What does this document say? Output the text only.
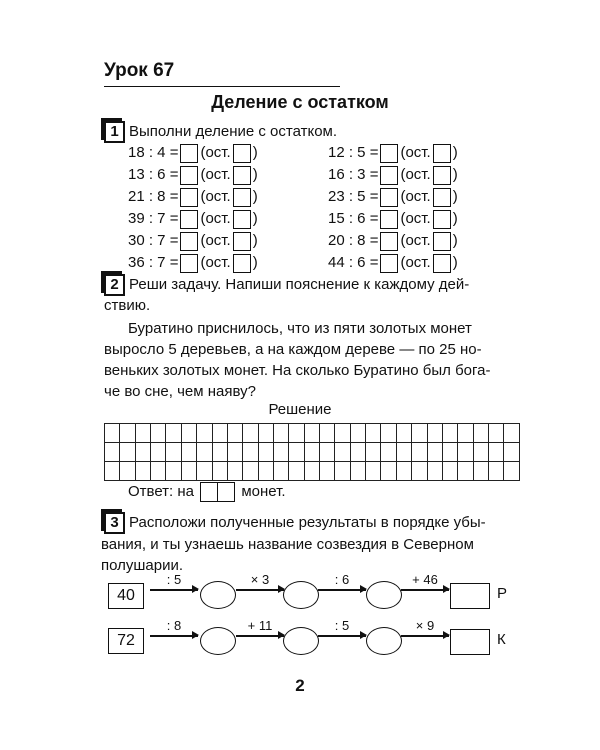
Урок 67
Деление с остатком
1 Выполни деление с остатком.
18 : 4 = (ост. )
13 : 6 = (ост. )
21 : 8 = (ост. )
39 : 7 = (ост. )
30 : 7 = (ост. )
36 : 7 = (ост. )
12 : 5 = (ост. )
16 : 3 = (ост. )
23 : 5 = (ост. )
15 : 6 = (ост. )
20 : 8 = (ост. )
44 : 6 = (ост. )
2 Реши задачу. Напиши пояснение к каждому дей-
ствию.
Буратино приснилось, что из пяти золотых монет
выросло 5 деревьев, а на каждом дереве — по 25 но-
веньких золотых монет. На сколько Буратино был бога-
че во сне, чем наяву?
Решение

Ответ: на	монет.
3 Расположи полученные результаты в порядке убы-
вания, и ты узнаешь название созвездия в Северном
полушарии.
40
: 5	× 3	: 6	+ 46
Р
72
: 8	+ 11	: 5	× 9
К
2
